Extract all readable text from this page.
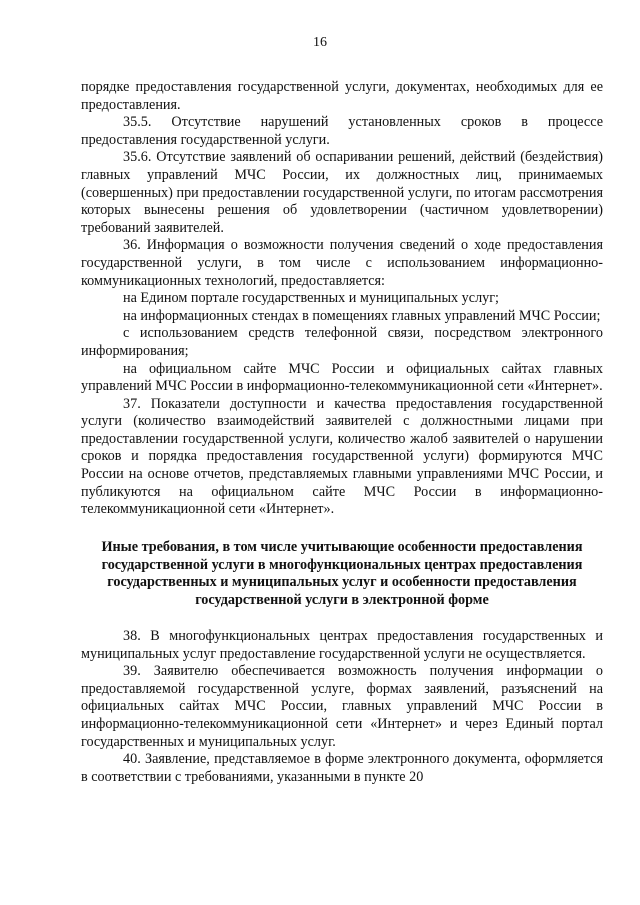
16

порядке предоставления государственной услуги, документах, необходимых для ее предоставления.

35.5. Отсутствие нарушений установленных сроков в процессе предоставления государственной услуги.

35.6. Отсутствие заявлений об оспаривании решений, действий (бездействия) главных управлений МЧС России, их должностных лиц, принимаемых (совершенных) при предоставлении государственной услуги, по итогам рассмотрения которых вынесены решения об удовлетворении (частичном удовлетворении) требований заявителей.

36. Информация о возможности получения сведений о ходе предоставления государственной услуги, в том числе с использованием информационно-коммуникационных технологий, предоставляется:

на Едином портале государственных и муниципальных услуг;

на информационных стендах в помещениях главных управлений МЧС России;

с использованием средств телефонной связи, посредством электронного информирования;

на официальном сайте МЧС России и официальных сайтах главных управлений МЧС России в информационно-телекоммуникационной сети «Интернет».

37. Показатели доступности и качества предоставления государственной услуги (количество взаимодействий заявителей с должностными лицами при предоставлении государственной услуги, количество жалоб заявителей о нарушении сроков и порядка предоставления государственной услуги) формируются МЧС России на основе отчетов, представляемых главными управлениями МЧС России, и публикуются на официальном сайте МЧС России в информационно-телекоммуникационной сети «Интернет».

Иные требования, в том числе учитывающие особенности предоставления государственной услуги в многофункциональных центрах предоставления государственных и муниципальных услуг и особенности предоставления государственной услуги в электронной форме

38. В многофункциональных центрах предоставления государственных и муниципальных услуг предоставление государственной услуги не осуществляется.

39. Заявителю обеспечивается возможность получения информации о предоставляемой государственной услуге, формах заявлений, разъяснений на официальных сайтах МЧС России, главных управлений МЧС России в информационно-телекоммуникационной сети «Интернет» и через Единый портал государственных и муниципальных услуг.

40. Заявление, представляемое в форме электронного документа, оформляется в соответствии с требованиями, указанными в пункте 20
